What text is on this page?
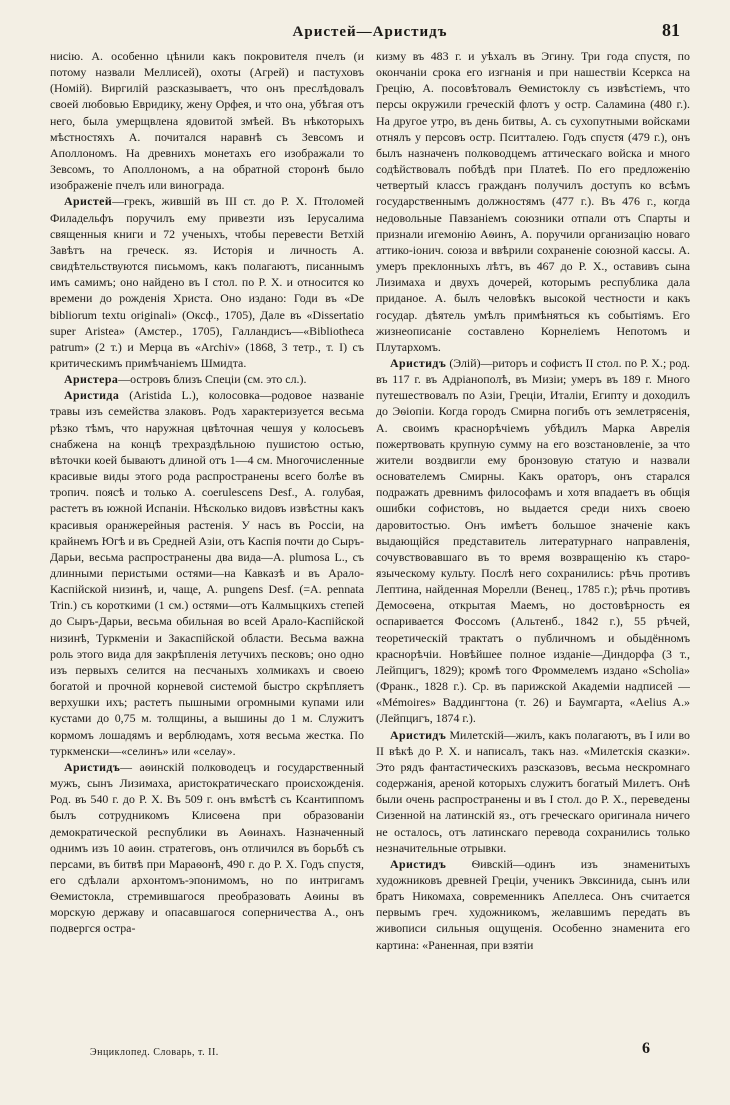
Аристей—Аристидъ	81

нисію. А. особенно цѣнили какъ покровителя пчелъ (и потому назвали Меллисей), охоты (Агрей) и пастуховъ (Номій). Виргилій разсказываетъ, что онъ преслѣдовалъ своей любовью Евридику, жену Орфея, и что она, убѣгая отъ него, была умерщвлена ядовитой змѣей. Въ нѣкоторыхъ мѣстностяхъ А. почитался наравнѣ съ Зевсомъ и Аполлономъ. На древнихъ монетахъ его изображали то Зевсомъ, то Аполлономъ, а на обратной сторонѣ было изображеніе пчелъ или винограда.

Аристей—грекъ, жившій въ III ст. до Р. Х. Птоломей Филадельфъ поручилъ ему привезти изъ Іерусалима священныя книги и 72 ученыхъ, чтобы перевести Ветхій Завѣтъ на греческ. яз. Исторія и личность А. свидѣтельствуются письмомъ, какъ полагаютъ, писаннымъ имъ самимъ; оно найдено въ I стол. по Р. Х. и относится ко времени до рожденія Христа. Оно издано: Годи въ «De bibliorum textu originali» (Оксф., 1705), Дале въ «Dissertatio super Aristea» (Амстер., 1705), Галландисъ—«Bibliotheca patrum» (2 т.) и Мерца въ «Archiv» (1868, 3 тетр., т. I) съ критическимъ примѣчаніемъ Шмидта.

Аристера—островъ близъ Спеціи (см. это сл.).

Аристида (Aristida L.), колосовка—родовое названіе травы изъ семейства злаковъ. Родъ характеризуется весьма рѣзко тѣмъ, что наружная цвѣточная чешуя у колосьевъ снабжена на концѣ трехраздѣльною пушистою остью, вѣточки коей бываютъ длиной отъ 1—4 см. Многочисленные красивые виды этого рода распространены всего болѣе въ тропич. поясѣ и только А. coerulescens Desf., А. голубая, растетъ въ южной Испаніи. Нѣсколько видовъ извѣстны какъ красивыя оранжерейныя растенія. У насъ въ Россіи, на крайнемъ Югѣ и въ Средней Азіи, отъ Каспія почти до Сыръ-Дарьи, весьма распространены два вида—А. plumosa L., съ длинными перистыми остями—на Кавказѣ и въ Арало-Каспійской низинѣ, и, чаще, А. pungens Desf. (=А. pennata Trin.) съ короткими (1 см.) остями—отъ Калмыцкихъ степей до Сыръ-Дарьи, весьма обильная во всей Арало-Каспійской низинѣ, Туркменіи и Закаспійской области. Весьма важна роль этого вида для закрѣпленія летучихъ песковъ; оно одно изъ первыхъ селится на песчаныхъ холмикахъ и своею богатой и прочной корневой системой быстро скрѣпляетъ верхушки ихъ; растетъ пышными огромными купами или кустами до 0,75 м. толщины, а вышины до 1 м. Служитъ кормомъ лошадямъ и верблюдамъ, хотя весьма жестка. По туркменски—«селинъ» или «селау».

Аристидъ— аѳинскій полководецъ и государственный мужъ, сынъ Лизимаха, аристократическаго происхожденія. Род. въ 540 г. до Р. Х. Въ 509 г. онъ вмѣстѣ съ Ксантиппомъ былъ сотрудникомъ Клисѳена при образованіи демократической республики въ Аѳинахъ. Назначенный однимъ изъ 10 аѳин. стратеговъ, онъ отличился въ борьбѣ съ персами, въ битвѣ при Мараѳонѣ, 490 г. до Р. Х. Годъ спустя, его сдѣлали архонтомъ-эпонимомъ, но по интригамъ Ѳемистокла, стремившагося преобразовать Аѳины въ морскую державу и опасавшагося соперничества А., онъ подвергся остра-

кизму въ 483 г. и уѣхалъ въ Эгину. Три года спустя, по окончаніи срока его изгнанія и при нашествіи Ксеркса на Грецію, А. посовѣтовалъ Ѳемистоклу съ извѣстіемъ, что персы окружили греческій флотъ у остр. Саламина (480 г.). На другое утро, въ день битвы, А. съ сухопутными войсками отнялъ у персовъ остр. Пситталею. Годъ спустя (479 г.), онъ былъ назначенъ полководцемъ аттическаго войска и много содѣйствовалъ побѣдѣ при Платеѣ. По его предложенію четвертый классъ гражданъ получилъ доступъ ко всѣмъ государственнымъ должностямъ (477 г.). Въ 476 г., когда недовольные Павзаніемъ союзники отпали отъ Спарты и признали игемонію Аѳинъ, А. поручили организацію новаго аттико-іонич. союза и ввѣрили сохраненіе союзной кассы. А. умеръ преклонныхъ лѣтъ, въ 467 до Р. Х., оставивъ сына Лизимаха и двухъ дочерей, которымъ республика дала приданое. А. былъ человѣкъ высокой честности и какъ государ. дѣятель умѣлъ примѣняться къ событіямъ. Его жизнеописаніе составлено Корнеліемъ Непотомъ и Плутархомъ.

Аристидъ (Элій)—риторъ и софистъ II стол. по Р. Х.; род. въ 117 г. въ Адріанополѣ, въ Мизіи; умеръ въ 189 г. Много путешествовалъ по Азіи, Греціи, Италіи, Египту и доходилъ до Эѳіопіи. Когда городъ Смирна погибъ отъ землетрясенія, А. своимъ краснорѣчіемъ убѣдилъ Марка Аврелія пожертвовать крупную сумму на его возстановленіе, за что жители воздвигли ему бронзовую статую и назвали основателемъ Смирны. Какъ ораторъ, онъ старался подражать древнимъ философамъ и хотя впадаетъ въ общія ошибки софистовъ, но выдается среди нихъ своею даровитостью. Онъ имѣетъ большое значеніе какъ выдающійся представитель литературнаго направленія, сочувствовавшаго въ то время возвращенію къ старо-языческому культу. Послѣ него сохранились: рѣчь противъ Лептина, найденная Морелли (Венец., 1785 г.); рѣчь противъ Демосѳена, открытая Маемъ, но достовѣрность ея оспаривается Фоссомъ (Альтенб., 1842 г.), 55 рѣчей, теоретическій трактатъ о публичномъ и обыдённомъ краснорѣчіи. Новѣйшее полное изданіе—Диндорфа (3 т., Лейпцигъ, 1829); кромѣ того Фроммелемъ издано «Scholia» (Франк., 1828 г.). Ср. въ парижской Академіи надписей — «Mémoires» Ваддингтона (т. 26) и Баумгарта, «Aelius A.» (Лейпцигъ, 1874 г.).

Аристидъ Милетскій—жилъ, какъ полагаютъ, въ I или во II вѣкѣ до Р. Х. и написалъ, такъ наз. «Милетскія сказки». Это рядъ фантастическихъ разсказовъ, весьма нескромнаго содержанія, ареной которыхъ служитъ богатый Милетъ. Онѣ были очень распространены и въ I стол. до Р. Х., переведены Сизенной на латинскій яз., отъ греческаго оригинала ничего не осталось, отъ латинскаго перевода сохранились только незначительные отрывки.

Аристидъ Ѳивскій—одинъ изъ знаменитыхъ художниковъ древней Греціи, ученикъ Эвксинида, сынъ или братъ Никомаха, современникъ Апеллеса. Онъ считается первымъ греч. художникомъ, желавшимъ передать въ живописи сильныя ощущенія. Особенно знаменита его картина: «Раненная, при взятіи

Энциклопед. Словарь, т. II.	6
